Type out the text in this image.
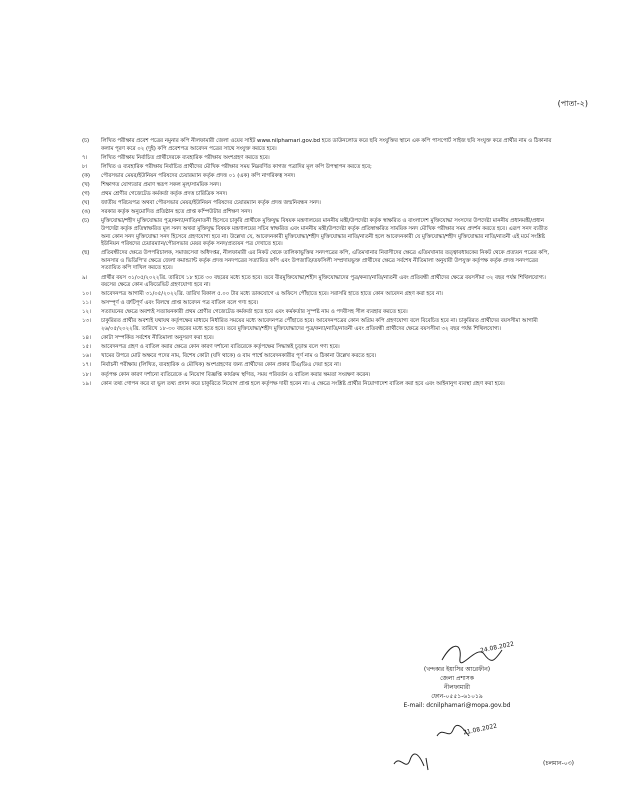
(পাতা-২)
(চ)	লিখিত পরীক্ষার প্রবেশ পত্রের নমুনার কপি নীলফামারী জেলা ওয়েব সাইট www.nilphamari.gov.bd হতে ডাউনলোড করে ছবি সংযুক্তির স্থানে এক কপি পাসপোর্ট সাইজ ছবি সংযুক্ত করে প্রার্থীর নাম ও ঠিকানার কলাম পূরণ করে ০২ (দুই) কপি প্রবেশপত্র আবেদন পত্রের সাথে সংযুক্ত করতে হবে।
৭।	লিখিত পরীক্ষায় নির্বাচিত প্রার্থীদেরকে ব্যবহারিক পরীক্ষায় অংশগ্রহণ করতে হবে।
৮।	লিখিত ও ব্যবহারিক পরীক্ষায় নির্বাচিত প্রার্থীদের মৌখিক পরীক্ষার সময় নিম্নবর্ণিত কাগজ পত্রাদির মূল কপি উপস্থাপন করতে হবে;
(ক)	পৌরসভার মেয়র/ইউনিয়ন পরিষদের চেয়ারম্যান কর্তৃক প্রদত্ত ০১ (এক) কপি নাগরিকত্ব সনদ।
(খ)	শিক্ষাগত যোগ্যতার প্রমাণ স্বরূপ সকল মূল/সাময়িক সনদ।
(গ)	প্রথম শ্রেণীর গেজেটেড কর্মকর্তা কর্তৃক প্রদত্ত চারিত্রিক সনদ।
(ঘ)	জাতীয় পরিচয়পত্র অথবা পৌরসভার মেয়র/ইউনিয়ন পরিষদের চেয়ারম্যান কর্তৃক প্রদত্ত জন্মনিবন্ধন সনদ।
(ঙ)	সরকার কর্তৃক অনুমোদিত প্রতিষ্ঠান হতে প্রাপ্ত কম্পিউটার প্রশিক্ষণ সনদ।
(চ)	মুক্তিযোদ্ধা/শহীদ মুক্তিযোদ্ধার পুত্র/কন্যা/নাতি/নাতনী হিসেবে চাকুরি প্রার্থীকে মুক্তিযুদ্ধ বিষয়ক মন্ত্রণালয়ের মাননীয় মন্ত্রী/উপদেষ্টা কর্তৃক স্বাক্ষরিত ও বাংলাদেশ মুক্তিযোদ্ধা সংসদের উপদেষ্টা মাননীয় প্রধানমন্ত্রী/প্রধান উপদেষ্টা কর্তৃক প্রতিস্বাক্ষরিত মূল সনদ অথবা মুক্তিযুদ্ধ বিষয়ক মন্ত্রণালয়ের সচিব স্বাক্ষরিত এবং মাননীয় মন্ত্রী/উপদেষ্টা কর্তৃক প্রতিস্বাক্ষরিত সাময়িক সনদ মৌখিক পরীক্ষার সময় প্রদর্শন করতে হবে। এরূপ সনদ ব্যতীত অন্য কোন সনদ মুক্তিযোদ্ধা সনদ হিসেবে গ্রহণযোগ্য হবে না। উল্লেখ্য যে, আবেদনকারী মুক্তিযোদ্ধা/শহীদ মুক্তিযোদ্ধার নাতি/নাতনী হলে আবেদনকারী যে মুক্তিযোদ্ধা/শহীদ মুক্তিযোদ্ধার নাতি/নাতনী এই মর্মে সংশ্লিষ্ট ইউনিয়ন পরিষদের চেয়ারম্যান/পৌরসভার মেয়র কর্তৃক সনদ/প্রত্যয়ন পত্র দেখাতে হবে।
(ছ)	প্রতিবন্ধীদের ক্ষেত্রে উপপরিচালক, সমাজসেবা অধিদপ্তর, নীলফামারী এর নিকট থেকে তালিকাভুক্তির সনদপত্রের কপি, এতিমখানার নিবাসীদের ক্ষেত্রে এতিমখানার তত্ত্বাবধায়কের নিকট থেকে প্রত্যয়ন পত্রের কপি, আনসার ও ভিডিপি'র ক্ষেত্রে জেলা কমান্ড্যান্ট কর্তৃক প্রদত্ত সনদপত্রের সত্যায়িত কপি এবং উপজাতি/তফসিলী সম্প্রদায়ভুক্ত প্রার্থীদের ক্ষেত্রে সর্বশেষ নীতিমালা অনুযায়ী উপযুক্ত কর্তৃপক্ষ কর্তৃক প্রদত্ত সনদপত্রের সত্যায়িত কপি দাখিল করতে হবে।
৯।	প্রার্থীর বয়স ৩১/০৫/২০২২খ্রি. তারিখে ১৮ হতে ৩০ বছরের মধ্যে হতে হবে। তবে বীরমুক্তিযোদ্ধা/শহীদ মুক্তিযোদ্ধাদের পুত্র/কন্যা/নাতি/নাতনী এবং প্রতিবন্ধী প্রার্থীদের ক্ষেত্রে বয়সসীমা ৩২ বছর পর্যন্ত শিথিলযোগ্য। বয়সের ক্ষেত্রে কোন এফিডেভিট গ্রহণযোগ্য হবে না।
১০।	আবেদনপত্র আগামী ৩১/০৫/২০২২খ্রি. তারিখ বিকাল ৫.০০ টার মধ্যে ডাকযোগে এ অফিসে পৌঁছাতে হবে। সরাসরি হাতে হাতে কোন আবেদন গ্রহণ করা হবে না।
১১।	অসম্পূর্ণ ও ত্রুটিপূর্ণ এবং বিলম্বে প্রাপ্ত আবেদন পত্র বাতিল বলে গণ্য হবে।
১২।	সত্যায়নের ক্ষেত্রে অবশ্যই সত্যায়নকারী প্রথম শ্রেণীর গেজেটেড কর্মকর্তা হতে হবে এবং কর্মকর্তার সুস্পষ্ট নাম ও পদবীসহ সীল ব্যবহার করতে হবে।
১৩।	চাকুরিরত প্রার্থীর অবশ্যই যথাযথ কর্তৃপক্ষের মাধ্যমে নির্ধারিত সময়ের মধ্যে আবেদনপত্র পৌঁছাতে হবে। আবেদনপত্রের কোন অগ্রিম কপি গ্রহণযোগ্য বলে বিবেচিত হবে না। চাকুরিরত প্রার্থীদের বয়সসীমা আগামী ২৬/০৫/২০২২খ্রি. তারিখে ১৮-৩০ বছরের মধ্যে হতে হবে। তবে মুক্তিযোদ্ধা/শহীদ মুক্তিযোদ্ধাদের পুত্র/কন্যা/নাতি/নাতনী এবং প্রতিবন্ধী প্রার্থীদের ক্ষেত্রে বয়সসীমা ৩২ বছর পর্যন্ত শিথিলযোগ্য।
১৪।	কোটা সম্পর্কিত সর্বশেষ নীতিমালা অনুসরণ করা হবে।
১৫।	আবেদনপত্র গ্রহণ ও বাতিল করার ক্ষেত্রে কোন কারণ দর্শানো ব্যতিরেকে কর্তৃপক্ষের সিদ্ধান্তই চূড়ান্ত বলে গণ্য হবে।
১৬।	খামের উপরে মোট অক্ষরে পদের নাম, বিশেষ কোটা (যদি থাকে) ও বাম পার্শ্বে আবেদনকারীর পূর্ণ নাম ও ঠিকানা উল্লেখ করতে হবে।
১৭।	নির্বাচনী পরীক্ষায় (লিখিত, ব্যবহারিক ও মৌখিক) অংশগ্রহণের জন্য প্রার্থীদের কোন প্রকার টিএ/ডিএ দেয়া হবে না।
১৮।	কর্তৃপক্ষ কোন কারণ দর্শানো ব্যতিরেকে এ নিয়োগ বিজ্ঞপ্তি কার্যক্রম স্থগিত, সময় পরিবর্তন ও বাতিল করার ক্ষমতা সংরক্ষণ করেন।
১৯।	কোন তথ্য গোপন করে বা ভুল তথ্য প্রদান করে চাকুরিতে নিয়োগ প্রাপ্ত হলে কর্তৃপক্ষ দায়ী হবেন না। এ ক্ষেত্রে সংশ্লিষ্ট প্রার্থীর নিয়োগাদেশ বাতিল করা হবে এবং আইনানুগ ব্যবস্থা গ্রহণ করা হবে।
24.08.2022
(খন্দকার ইয়াসির আরেফীন)
জেলা প্রশাসক
নীলফামারী
ফোন-০৫৫১-৬১০১৯
E-mail: dcnilphamari@mopa.gov.bd
(চলমান-০৩)
21.08.2022
